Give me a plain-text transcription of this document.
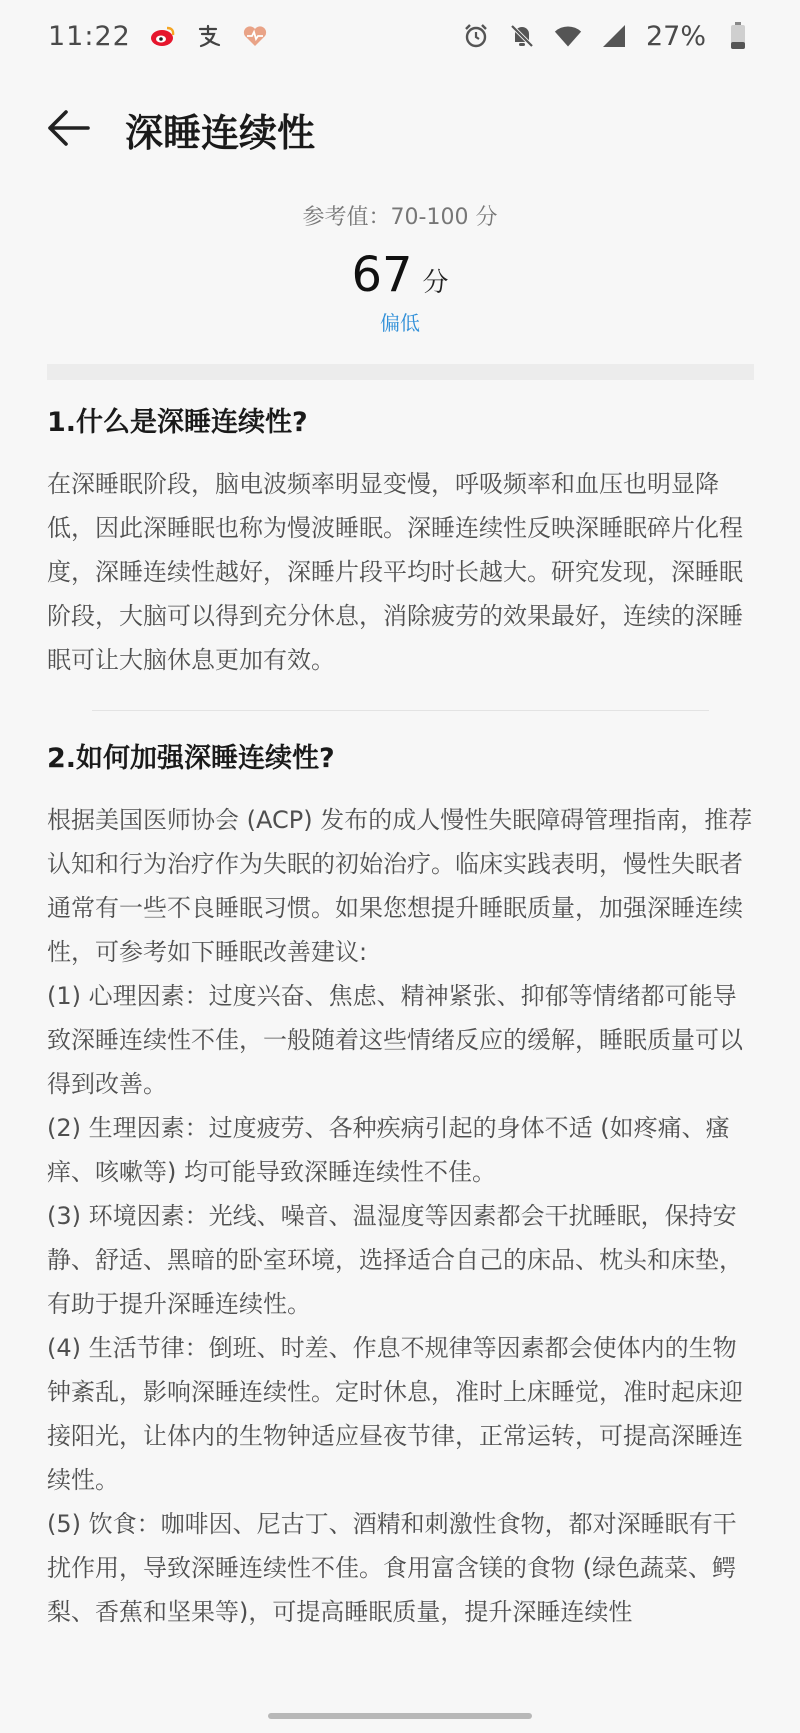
11:22	27%
深睡连续性
参考值：70-100 分
67 分
偏低
1.什么是深睡连续性?

在深睡眠阶段，脑电波频率明显变慢，呼吸频率和血压也明显降低，因此深睡眠也称为慢波睡眠。深睡连续性反映深睡眠碎片化程度，深睡连续性越好，深睡片段平均时长越大。研究发现，深睡眠阶段，大脑可以得到充分休息，消除疲劳的效果最好，连续的深睡眠可让大脑休息更加有效。

2.如何加强深睡连续性?

根据美国医师协会 (ACP) 发布的成人慢性失眠障碍管理指南，推荐认知和行为治疗作为失眠的初始治疗。临床实践表明，慢性失眠者通常有一些不良睡眠习惯。如果您想提升睡眠质量，加强深睡连续性，可参考如下睡眠改善建议:

(1) 心理因素：过度兴奋、焦虑、精神紧张、抑郁等情绪都可能导致深睡连续性不佳，一般随着这些情绪反应的缓解，睡眠质量可以得到改善。

(2) 生理因素：过度疲劳、各种疾病引起的身体不适 (如疼痛、瘙痒、咳嗽等) 均可能导致深睡连续性不佳。

(3) 环境因素：光线、噪音、温湿度等因素都会干扰睡眠，保持安静、舒适、黑暗的卧室环境，选择适合自己的床品、枕头和床垫，有助于提升深睡连续性。

(4) 生活节律：倒班、时差、作息不规律等因素都会使体内的生物钟紊乱，影响深睡连续性。定时休息，准时上床睡觉，准时起床迎接阳光，让体内的生物钟适应昼夜节律，正常运转，可提高深睡连续性。

(5) 饮食：咖啡因、尼古丁、酒精和刺激性食物，都对深睡眠有干扰作用，导致深睡连续性不佳。食用富含镁的食物 (绿色蔬菜、鳄梨、香蕉和坚果等)，可提高睡眠质量，提升深睡连续性
